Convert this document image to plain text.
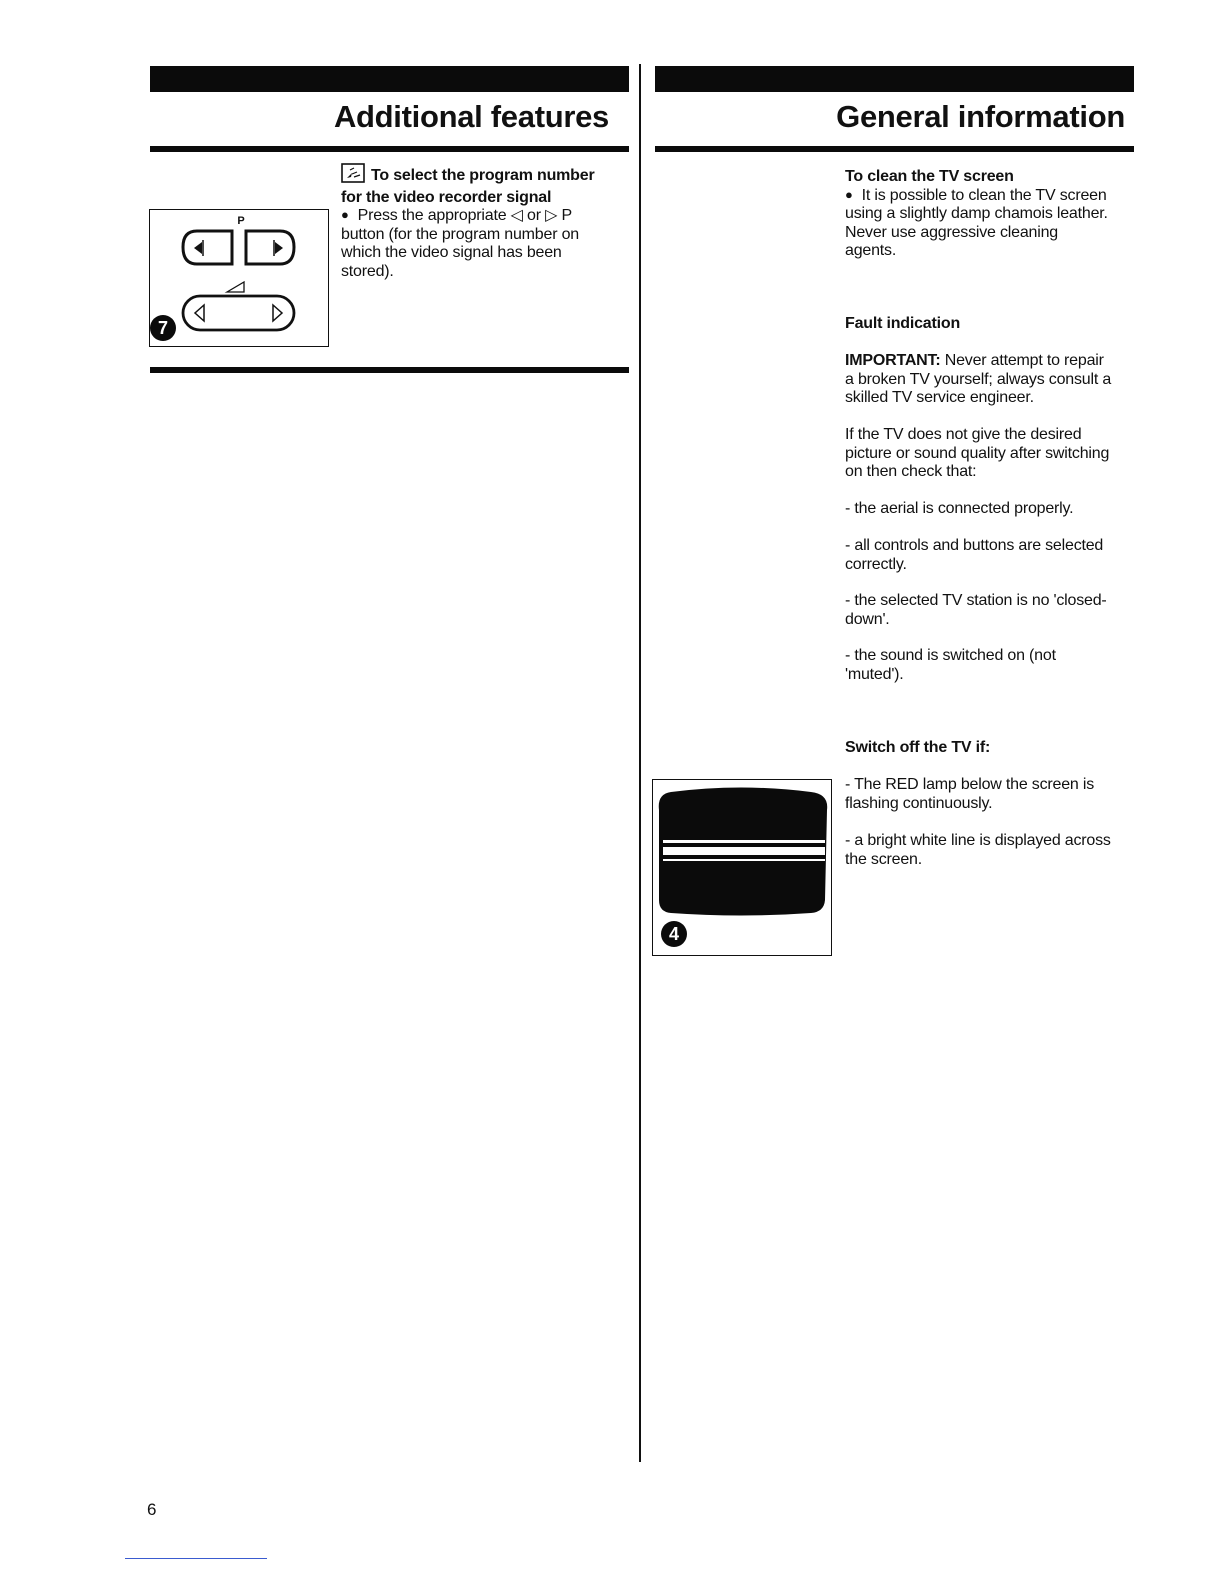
Additional features
To select the program number
for the video recorder signal
● Press the appropriate ◁ or ▷ P
button (for the program number on
which the video signal has been
stored).
P
7
General information
To clean the TV screen
● It is possible to clean the TV screen
using a slightly damp chamois leather.
Never use aggressive cleaning
agents.
Fault indication
IMPORTANT: Never attempt to repair
a broken TV yourself; always consult a
skilled TV service engineer.
If the TV does not give the desired
picture or sound quality after switching
on then check that:
- the aerial is connected properly.
- all controls and buttons are selected
correctly.
- the selected TV station is no 'closed-
down'.
- the sound is switched on (not
'muted').
Switch off the TV if:
- The RED lamp below the screen is
flashing continuously.
- a bright white line is displayed across
the screen.
4
6
